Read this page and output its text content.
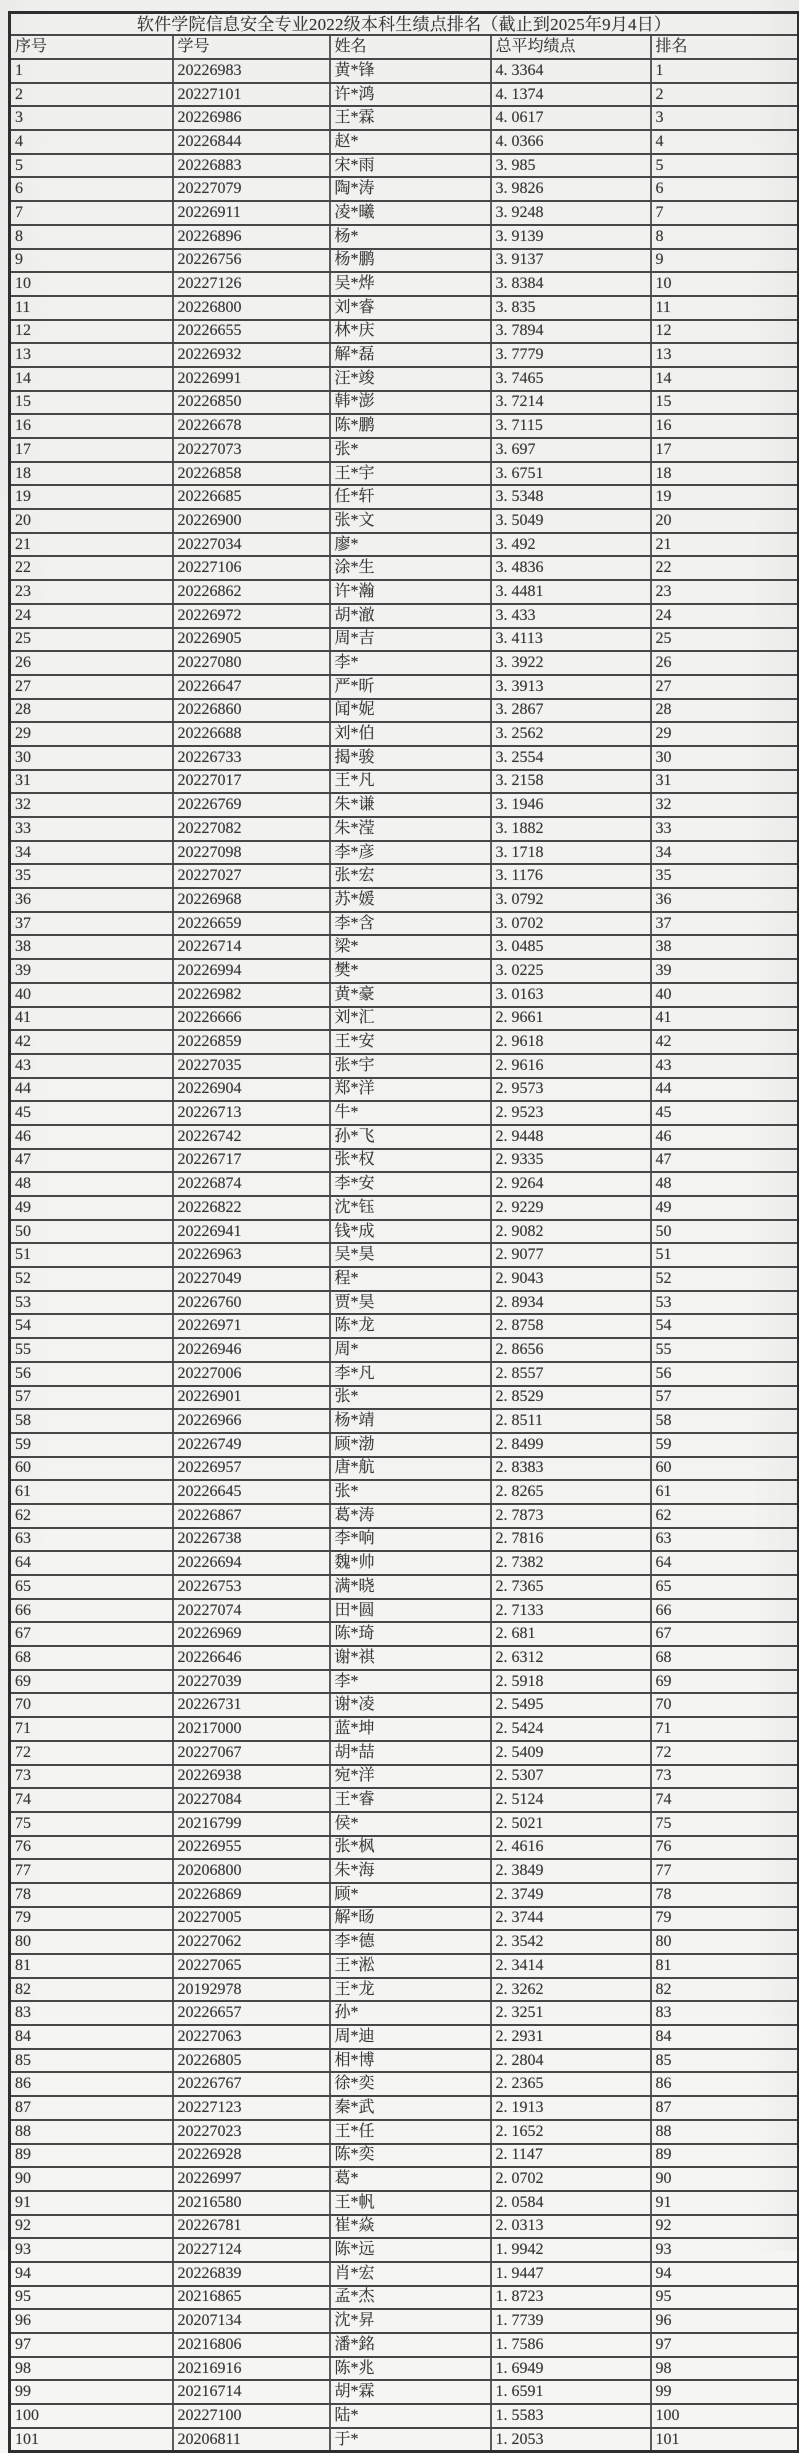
软件学院信息安全专业2022级本科生绩点排名（截止到2025年9月4日）				
序号	学号	姓名	总平均绩点	排名
1	20226983	黄*锋	4. 3364	1
2	20227101	许*鸿	4. 1374	2
3	20226986	王*霖	4. 0617	3
4	20226844	赵*	4. 0366	4
5	20226883	宋*雨	3. 985	5
6	20227079	陶*涛	3. 9826	6
7	20226911	凌*曦	3. 9248	7
8	20226896	杨*	3. 9139	8
9	20226756	杨*鹏	3. 9137	9
10	20227126	吴*烨	3. 8384	10
11	20226800	刘*睿	3. 835	11
12	20226655	林*庆	3. 7894	12
13	20226932	解*磊	3. 7779	13
14	20226991	汪*竣	3. 7465	14
15	20226850	韩*澎	3. 7214	15
16	20226678	陈*鹏	3. 7115	16
17	20227073	张*	3. 697	17
18	20226858	王*宇	3. 6751	18
19	20226685	任*轩	3. 5348	19
20	20226900	张*文	3. 5049	20
21	20227034	廖*	3. 492	21
22	20227106	涂*生	3. 4836	22
23	20226862	许*瀚	3. 4481	23
24	20226972	胡*澈	3. 433	24
25	20226905	周*吉	3. 4113	25
26	20227080	李*	3. 3922	26
27	20226647	严*昕	3. 3913	27
28	20226860	闻*妮	3. 2867	28
29	20226688	刘*伯	3. 2562	29
30	20226733	揭*骏	3. 2554	30
31	20227017	王*凡	3. 2158	31
32	20226769	朱*谦	3. 1946	32
33	20227082	朱*滢	3. 1882	33
34	20227098	李*彦	3. 1718	34
35	20227027	张*宏	3. 1176	35
36	20226968	苏*媛	3. 0792	36
37	20226659	李*含	3. 0702	37
38	20226714	梁*	3. 0485	38
39	20226994	樊*	3. 0225	39
40	20226982	黄*豪	3. 0163	40
41	20226666	刘*汇	2. 9661	41
42	20226859	王*安	2. 9618	42
43	20227035	张*宇	2. 9616	43
44	20226904	郑*洋	2. 9573	44
45	20226713	牛*	2. 9523	45
46	20226742	孙*飞	2. 9448	46
47	20226717	张*权	2. 9335	47
48	20226874	李*安	2. 9264	48
49	20226822	沈*钰	2. 9229	49
50	20226941	钱*成	2. 9082	50
51	20226963	吴*昊	2. 9077	51
52	20227049	程*	2. 9043	52
53	20226760	贾*昊	2. 8934	53
54	20226971	陈*龙	2. 8758	54
55	20226946	周*	2. 8656	55
56	20227006	李*凡	2. 8557	56
57	20226901	张*	2. 8529	57
58	20226966	杨*靖	2. 8511	58
59	20226749	顾*渤	2. 8499	59
60	20226957	唐*航	2. 8383	60
61	20226645	张*	2. 8265	61
62	20226867	葛*涛	2. 7873	62
63	20226738	李*响	2. 7816	63
64	20226694	魏*帅	2. 7382	64
65	20226753	满*晓	2. 7365	65
66	20227074	田*圆	2. 7133	66
67	20226969	陈*琦	2. 681	67
68	20226646	谢*祺	2. 6312	68
69	20227039	李*	2. 5918	69
70	20226731	谢*凌	2. 5495	70
71	20217000	蓝*坤	2. 5424	71
72	20227067	胡*喆	2. 5409	72
73	20226938	宛*洋	2. 5307	73
74	20227084	王*睿	2. 5124	74
75	20216799	侯*	2. 5021	75
76	20226955	张*枫	2. 4616	76
77	20206800	朱*海	2. 3849	77
78	20226869	顾*	2. 3749	78
79	20227005	解*旸	2. 3744	79
80	20227062	李*德	2. 3542	80
81	20227065	王*淞	2. 3414	81
82	20192978	王*龙	2. 3262	82
83	20226657	孙*	2. 3251	83
84	20227063	周*迪	2. 2931	84
85	20226805	相*博	2. 2804	85
86	20226767	徐*奕	2. 2365	86
87	20227123	秦*武	2. 1913	87
88	20227023	王*任	2. 1652	88
89	20226928	陈*奕	2. 1147	89
90	20226997	葛*	2. 0702	90
91	20216580	王*帆	2. 0584	91
92	20226781	崔*焱	2. 0313	92
93	20227124	陈*远	1. 9942	93
94	20226839	肖*宏	1. 9447	94
95	20216865	孟*杰	1. 8723	95
96	20207134	沈*昇	1. 7739	96
97	20216806	潘*銘	1. 7586	97
98	20216916	陈*兆	1. 6949	98
99	20216714	胡*霖	1. 6591	99
100	20227100	陆*	1. 5583	100
101	20206811	于*	1. 2053	101
